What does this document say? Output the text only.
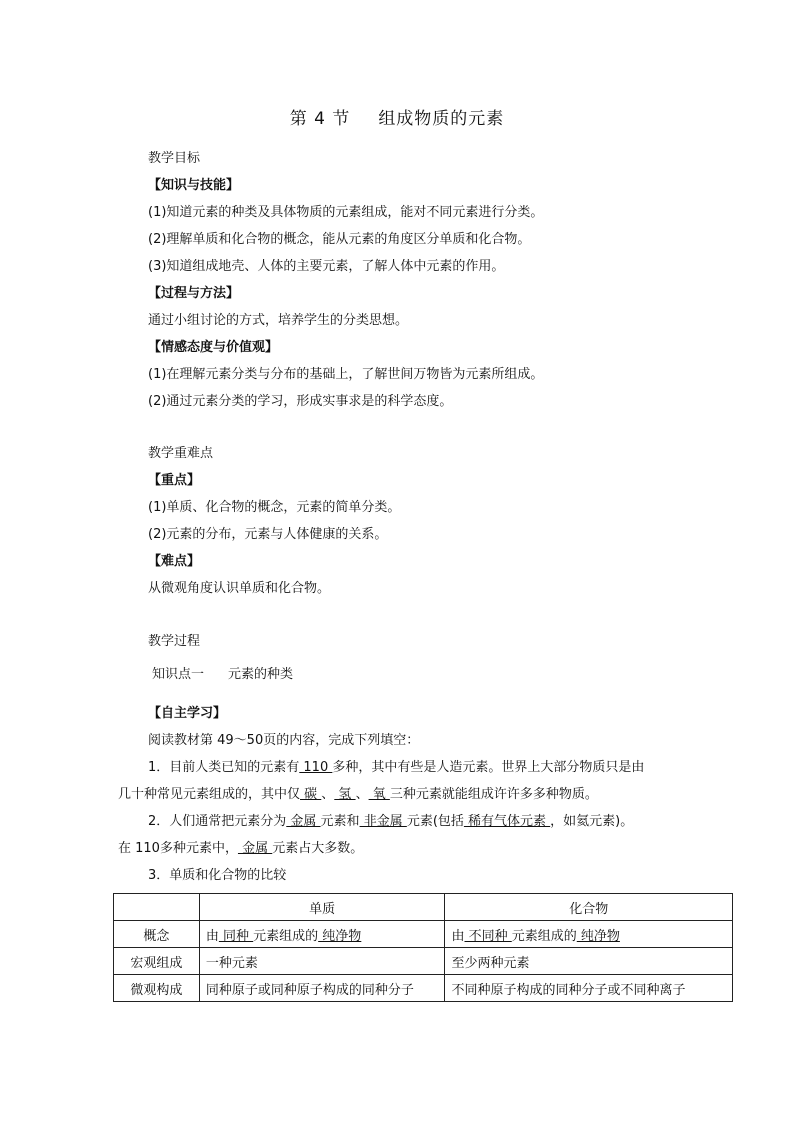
第 4 节 组成物质的元素
教学目标
【知识与技能】
(1)知道元素的种类及具体物质的元素组成，能对不同元素进行分类。
(2)理解单质和化合物的概念，能从元素的角度区分单质和化合物。
(3)知道组成地壳、人体的主要元素，了解人体中元素的作用。
【过程与方法】
通过小组讨论的方式，培养学生的分类思想。
【情感态度与价值观】
(1)在理解元素分类与分布的基础上，了解世间万物皆为元素所组成。
(2)通过元素分类的学习，形成实事求是的科学态度。
教学重难点
【重点】
(1)单质、化合物的概念，元素的简单分类。
(2)元素的分布，元素与人体健康的关系。
【难点】
从微观角度认识单质和化合物。
教学过程
知识点一 元素的种类
【自主学习】
阅读教材第 49～50页的内容，完成下列填空：
1．目前人类已知的元素有 110 多种，其中有些是人造元素。世界上大部分物质只是由
几十种常见元素组成的，其中仅 碳 、 氢 、 氧 三种元素就能组成许许多多种物质。
2．人们通常把元素分为 金属 元素和 非金属 元素(包括 稀有气体元素 ，如氦元素)。
在 110多种元素中， 金属 元素占大多数。
3．单质和化合物的比较
	单质	化合物
概念	由 同种 元素组成的 纯净物	由 不同种 元素组成的 纯净物
宏观组成	一种元素	至少两种元素
微观构成	同种原子或同种原子构成的同种分子	不同种原子构成的同种分子或不同种离子
